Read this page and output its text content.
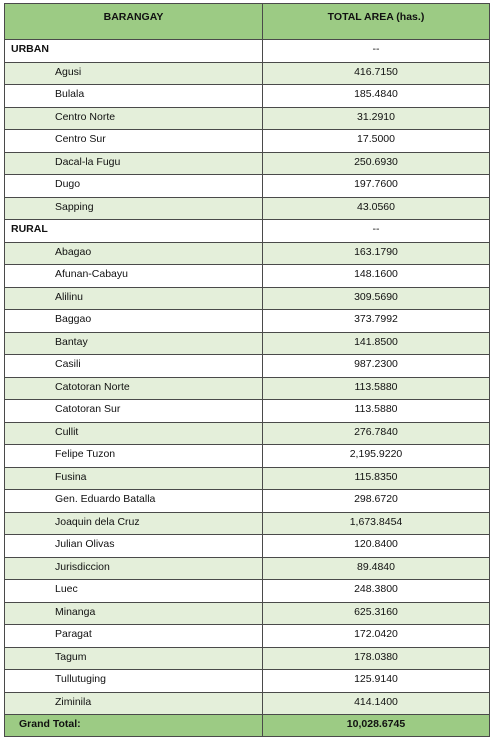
BARANGAY	TOTAL AREA (has.)
URBAN	--
Agusi	416.7150
Bulala	185.4840
Centro Norte	31.2910
Centro Sur	17.5000
Dacal-la Fugu	250.6930
Dugo	197.7600
Sapping	43.0560
RURAL	--
Abagao	163.1790
Afunan-Cabayu	148.1600
Alilinu	309.5690
Baggao	373.7992
Bantay	141.8500
Casili	987.2300
Catotoran Norte	113.5880
Catotoran Sur	113.5880
Cullit	276.7840
Felipe Tuzon	2,195.9220
Fusina	115.8350
Gen. Eduardo Batalla	298.6720
Joaquin dela Cruz	1,673.8454
Julian Olivas	120.8400
Jurisdiccion	89.4840
Luec	248.3800
Minanga	625.3160
Paragat	172.0420
Tagum	178.0380
Tullutuging	125.9140
Ziminila	414.1400
Grand Total:	10,028.6745
